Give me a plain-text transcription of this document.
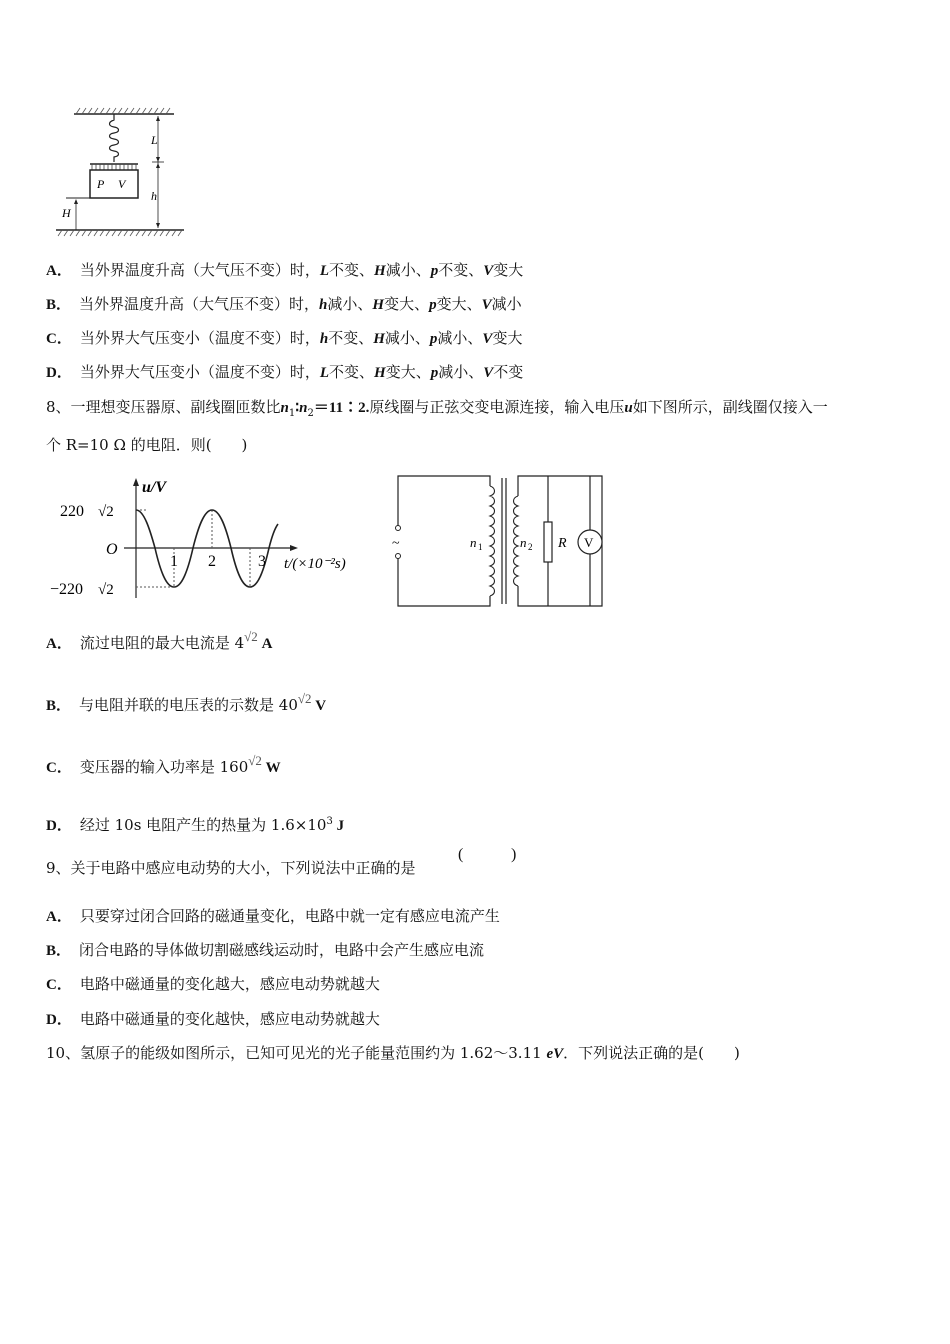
P V
H
L
h
A． 当外界温度升高（大气压不变）时，L不变、H减小、p不变、V变大
B． 当外界温度升高（大气压不变）时，h减小、H变大、p变大、V减小
C． 当外界大气压变小（温度不变）时，h不变、H减小、p减小、V变大
D． 当外界大气压变小（温度不变）时，L不变、H变大、p减小、V不变
8、一理想变压器原、副线圈匝数比$n_1∶n_2=11∶2$.原线圈与正弦交变电源连接，输入电压u如下图所示，副线圈仅接入一
个 R=10 Ω 的电阻．则(　　)
u/V
220 √2
−220 √2
O
1 2	3 t/(×10⁻²s)
~	V
n 1	n 2 R
A． 流过电阻的最大电流是 4√2 A
B． 与电阻并联的电压表的示数是 40√2 V
C． 变压器的输入功率是 160√2 W
D． 经过 10s 电阻产生的热量为 $1.6\times 10^3$ J
9、关于电路中感应电动势的大小，下列说法中正确的是
(	)
A． 只要穿过闭合回路的磁通量变化，电路中就一定有感应电流产生
B． 闭合电路的导体做切割磁感线运动时，电路中会产生感应电流
C． 电路中磁通量的变化越大，感应电动势就越大
D． 电路中磁通量的变化越快，感应电动势就越大
10、氢原子的能级如图所示，已知可见光的光子能量范围约为 1.62～3.11 eV．下列说法正确的是(　　)
